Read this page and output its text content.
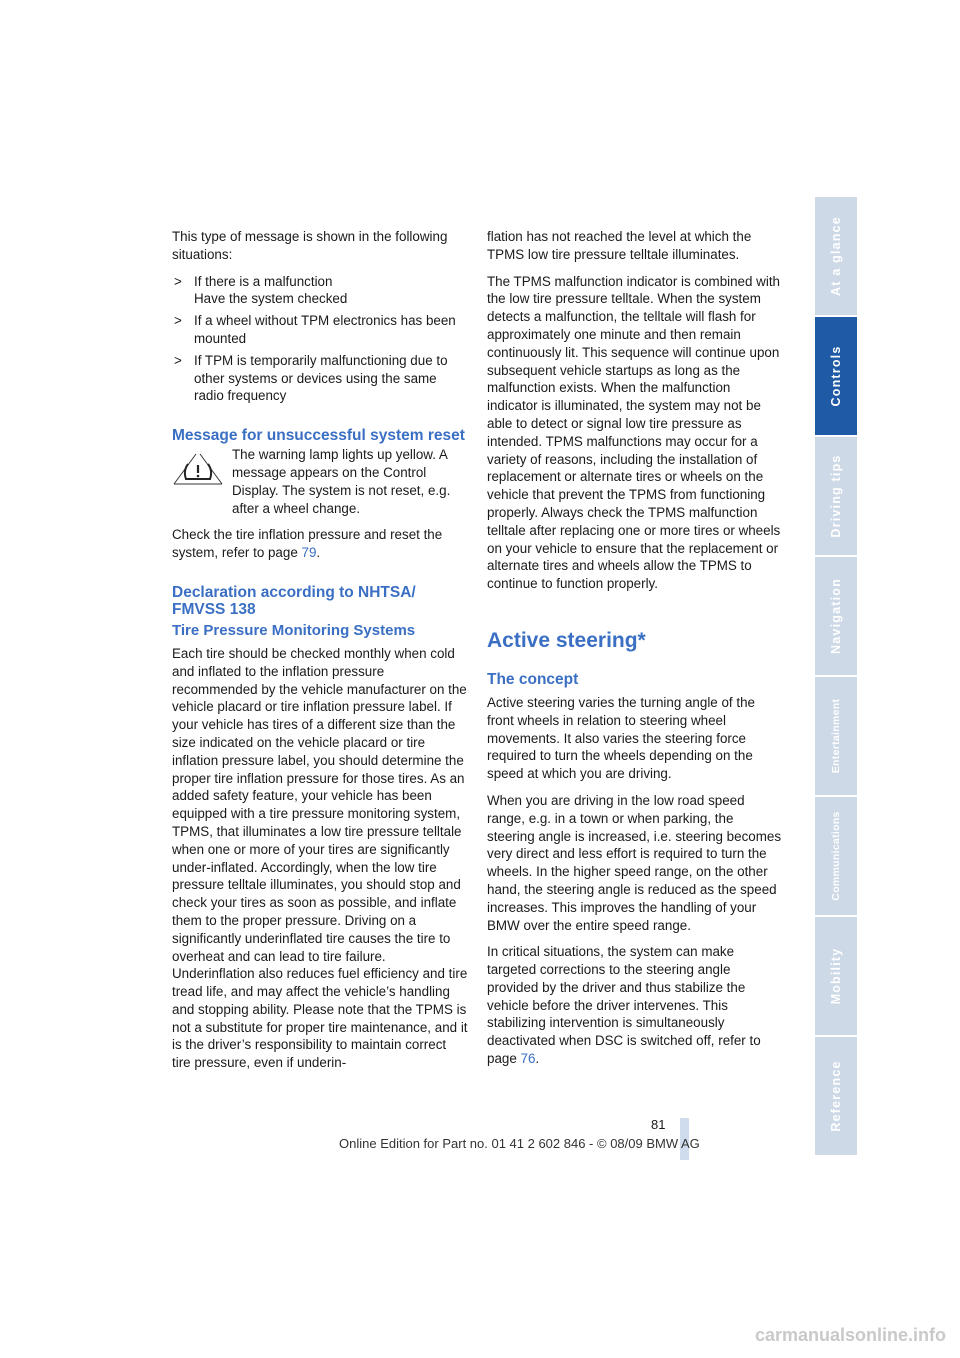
This type of message is shown in the following situations:

> If there is a malfunction
Have the system checked
> If a wheel without TPM electronics has been mounted
> If TPM is temporarily malfunctioning due to other systems or devices using the same radio frequency
Message for unsuccessful system reset

The warning lamp lights up yellow. A message appears on the Control Display. The system is not reset, e.g. after a wheel change.

Check the tire inflation pressure and reset the system, refer to page 79.

Declaration according to NHTSA/ FMVSS 138
Tire Pressure Monitoring Systems

Each tire should be checked monthly when cold and inflated to the inflation pressure recommended by the vehicle manufacturer on the vehicle placard or tire inflation pressure label. If your vehicle has tires of a different size than the size indicated on the vehicle placard or tire inflation pressure label, you should determine the proper tire inflation pressure for those tires. As an added safety feature, your vehicle has been equipped with a tire pressure monitoring system, TPMS, that illuminates a low tire pressure telltale when one or more of your tires are significantly under-inflated. Accordingly, when the low tire pressure telltale illuminates, you should stop and check your tires as soon as possible, and inflate them to the proper pressure. Driving on a significantly underinflated tire causes the tire to overheat and can lead to tire failure. Underinflation also reduces fuel efficiency and tire tread life, and may affect the vehicle’s handling and stopping ability. Please note that the TPMS is not a substitute for proper tire maintenance, and it is the driver’s responsibility to maintain correct tire pressure, even if underin-

flation has not reached the level at which the TPMS low tire pressure telltale illuminates.

The TPMS malfunction indicator is combined with the low tire pressure telltale. When the system detects a malfunction, the telltale will flash for approximately one minute and then remain continuously lit. This sequence will continue upon subsequent vehicle startups as long as the malfunction exists. When the malfunction indicator is illuminated, the system may not be able to detect or signal low tire pressure as intended. TPMS malfunctions may occur for a variety of reasons, including the installation of replacement or alternate tires or wheels on the vehicle that prevent the TPMS from functioning properly. Always check the TPMS malfunction telltale after replacing one or more tires or wheels on your vehicle to ensure that the replacement or alternate tires and wheels allow the TPMS to continue to function properly.

Active steering*
The concept

Active steering varies the turning angle of the front wheels in relation to steering wheel movements. It also varies the steering force required to turn the wheels depending on the speed at which you are driving.

When you are driving in the low road speed range, e.g. in a town or when parking, the steering angle is increased, i.e. steering becomes very direct and less effort is required to turn the wheels. In the higher speed range, on the other hand, the steering angle is reduced as the speed increases. This improves the handling of your BMW over the entire speed range.

In critical situations, the system can make targeted corrections to the steering angle provided by the driver and thus stabilize the vehicle before the driver intervenes. This stabilizing intervention is simultaneously deactivated when DSC is switched off, refer to page 76.

At a glance
Controls
Driving tips
Navigation
Entertainment
Communications
Mobility
Reference
81
Online Edition for Part no. 01 41 2 602 846 - © 08/09 BMW AG
carmanualsonline.info
